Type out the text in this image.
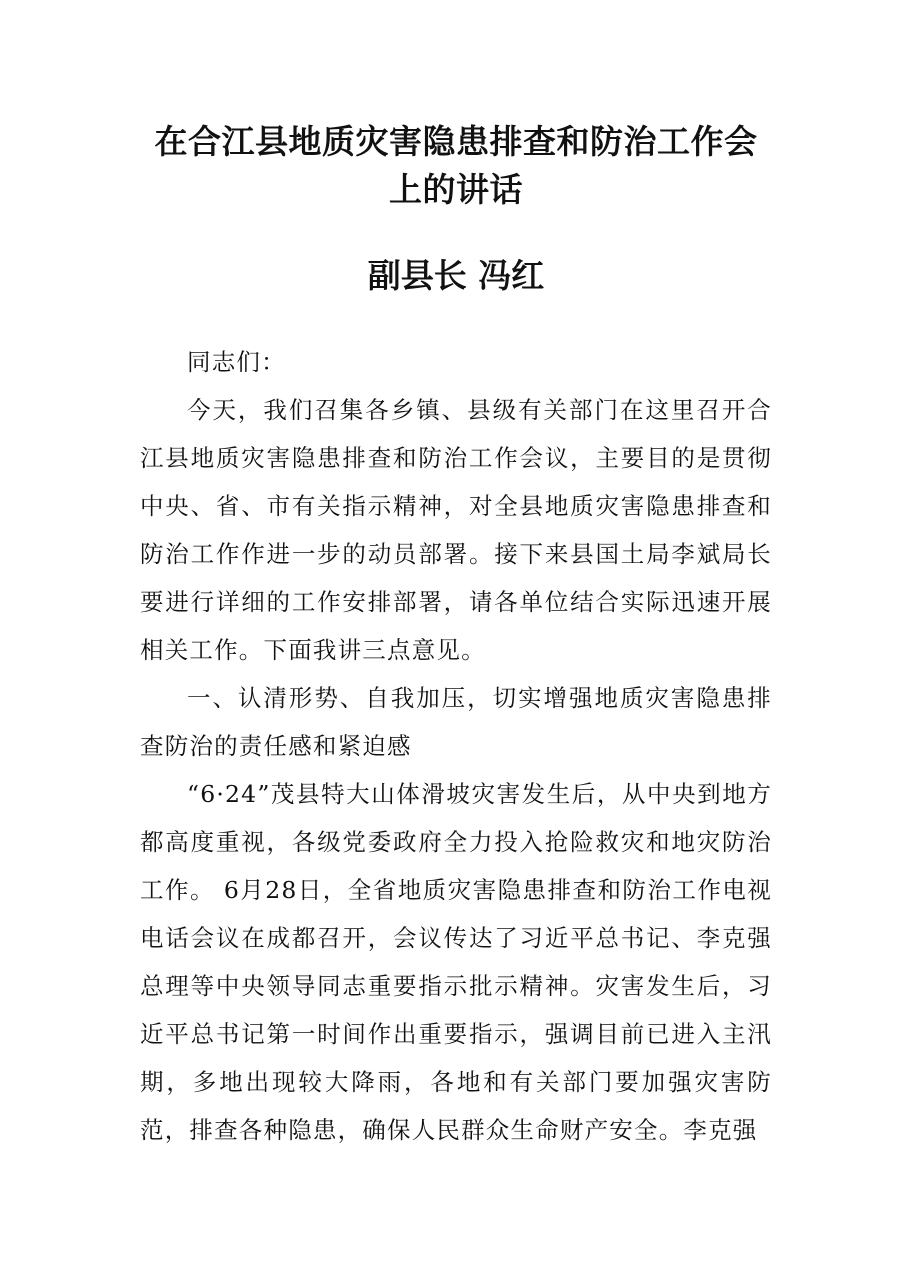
在合江县地质灾害隐患排查和防治工作会上的讲话
副县长 冯红

同志们：

今天，我们召集各乡镇、县级有关部门在这里召开合江县地质灾害隐患排查和防治工作会议，主要目的是贯彻中央、省、市有关指示精神，对全县地质灾害隐患排查和防治工作作进一步的动员部署。接下来县国土局李斌局长要进行详细的工作安排部署，请各单位结合实际迅速开展相关工作。下面我讲三点意见。

一、认清形势、自我加压，切实增强地质灾害隐患排查防治的责任感和紧迫感

“6·24”茂县特大山体滑坡灾害发生后，从中央到地方都高度重视，各级党委政府全力投入抢险救灾和地灾防治工作。 6月28日，全省地质灾害隐患排查和防治工作电视电话会议在成都召开，会议传达了习近平总书记、李克强总理等中央领导同志重要指示批示精神。灾害发生后，习近平总书记第一时间作出重要指示，强调目前已进入主汛期，多地出现较大降雨，各地和有关部门要加强灾害防范，排查各种隐患，确保人民群众生命财产安全。李克强
